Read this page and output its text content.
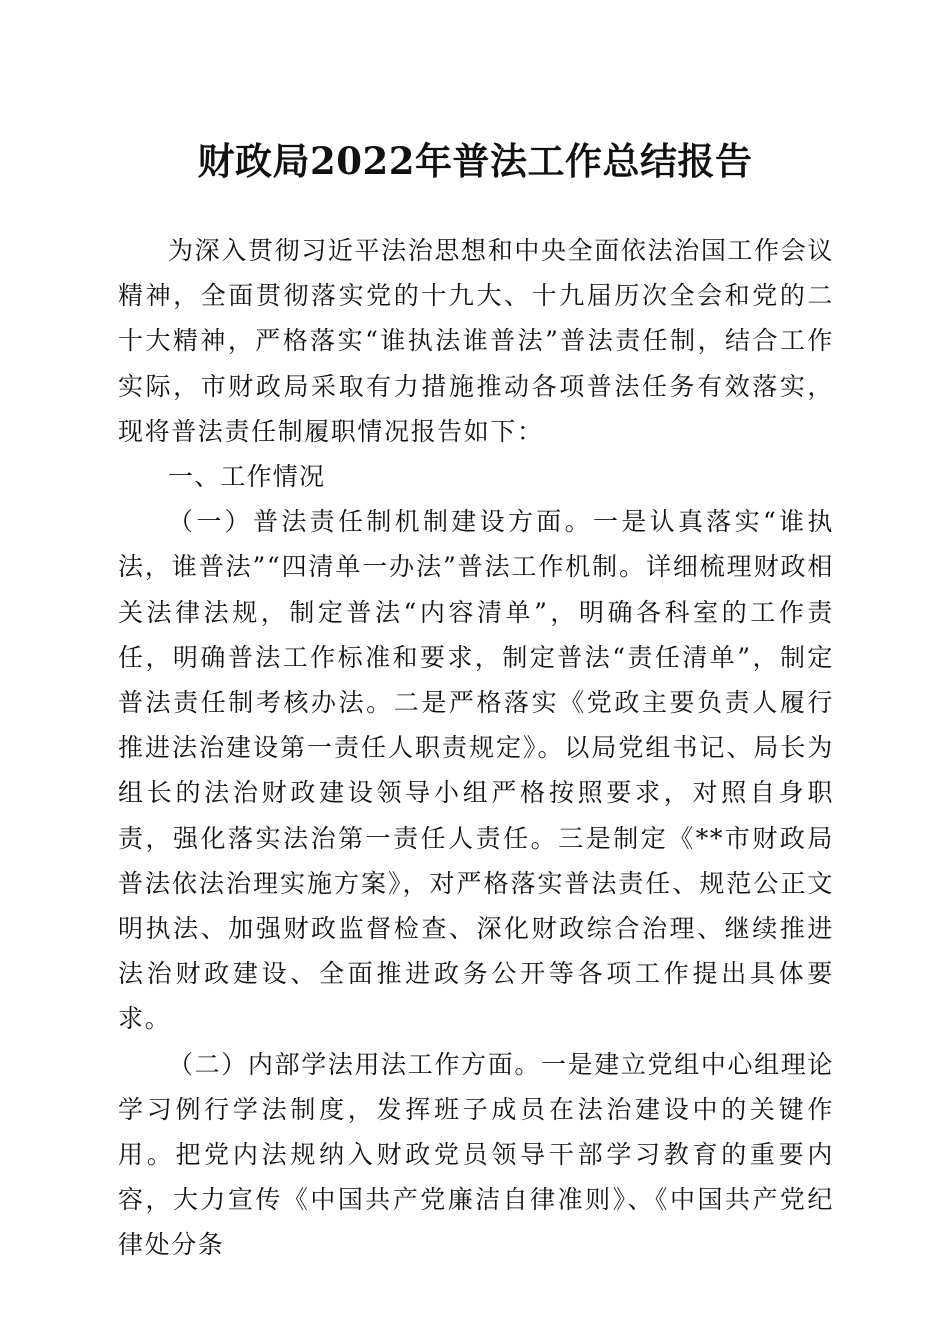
财政局2022年普法工作总结报告

为深入贯彻习近平法治思想和中央全面依法治国工作会议精神，全面贯彻落实党的十九大、十九届历次全会和党的二十大精神，严格落实“谁执法谁普法”普法责任制，结合工作实际，市财政局采取有力措施推动各项普法任务有效落实，现将普法责任制履职情况报告如下：

一、工作情况

（一）普法责任制机制建设方面。一是认真落实“谁执法，谁普法”“四清单一办法”普法工作机制。详细梳理财政相关法律法规，制定普法“内容清单”，明确各科室的工作责任，明确普法工作标准和要求，制定普法“责任清单”，制定普法责任制考核办法。二是严格落实《党政主要负责人履行推进法治建设第一责任人职责规定》。以局党组书记、局长为组长的法治财政建设领导小组严格按照要求，对照自身职责，强化落实法治第一责任人责任。三是制定《**市财政局普法依法治理实施方案》，对严格落实普法责任、规范公正文明执法、加强财政监督检查、深化财政综合治理、继续推进法治财政建设、全面推进政务公开等各项工作提出具体要求。

（二）内部学法用法工作方面。一是建立党组中心组理论学习例行学法制度，发挥班子成员在法治建设中的关键作用。把党内法规纳入财政党员领导干部学习教育的重要内容，大力宣传《中国共产党廉洁自律准则》、《中国共产党纪律处分条
